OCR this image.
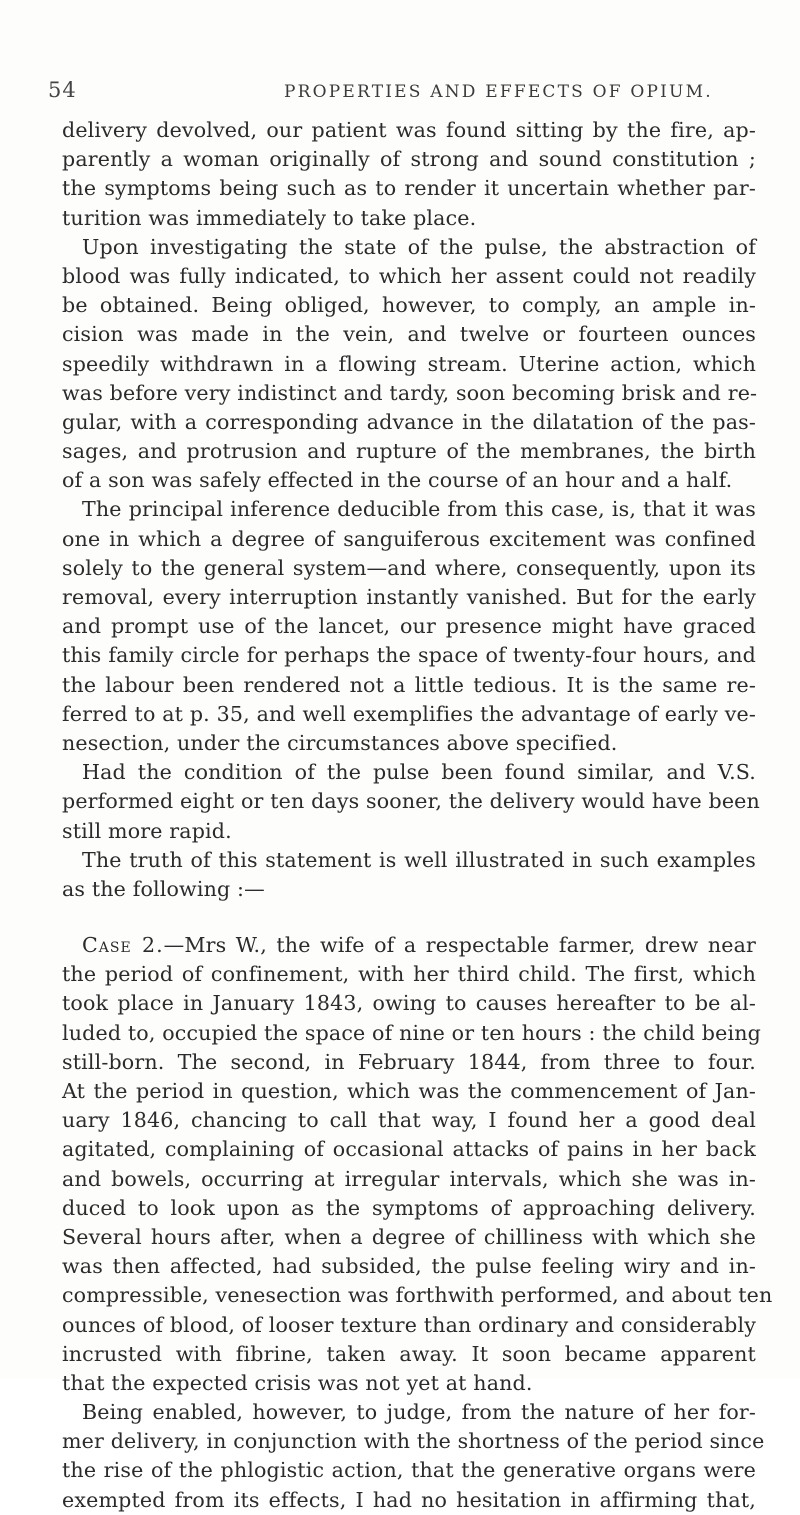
54	PROPERTIES AND EFFECTS OF OPIUM.
delivery devolved, our patient was found sitting by the fire, ap-
parently a woman originally of strong and sound constitution ;
the symptoms being such as to render it uncertain whether par-
turition was immediately to take place.
Upon investigating the state of the pulse, the abstraction of
blood was fully indicated, to which her assent could not readily
be obtained. Being obliged, however, to comply, an ample in-
cision was made in the vein, and twelve or fourteen ounces
speedily withdrawn in a flowing stream. Uterine action, which
was before very indistinct and tardy, soon becoming brisk and re-
gular, with a corresponding advance in the dilatation of the pas-
sages, and protrusion and rupture of the membranes, the birth
of a son was safely effected in the course of an hour and a half.
The principal inference deducible from this case, is, that it was
one in which a degree of sanguiferous excitement was confined
solely to the general system—and where, consequently, upon its
removal, every interruption instantly vanished. But for the early
and prompt use of the lancet, our presence might have graced
this family circle for perhaps the space of twenty-four hours, and
the labour been rendered not a little tedious. It is the same re-
ferred to at p. 35, and well exemplifies the advantage of early ve-
nesection, under the circumstances above specified.
Had the condition of the pulse been found similar, and V.S.
performed eight or ten days sooner, the delivery would have been
still more rapid.
The truth of this statement is well illustrated in such examples
as the following :—
Case 2.—Mrs W., the wife of a respectable farmer, drew near
the period of confinement, with her third child. The first, which
took place in January 1843, owing to causes hereafter to be al-
luded to, occupied the space of nine or ten hours : the child being
still-born. The second, in February 1844, from three to four.
At the period in question, which was the commencement of Jan-
uary 1846, chancing to call that way, I found her a good deal
agitated, complaining of occasional attacks of pains in her back
and bowels, occurring at irregular intervals, which she was in-
duced to look upon as the symptoms of approaching delivery.
Several hours after, when a degree of chilliness with which she
was then affected, had subsided, the pulse feeling wiry and in-
compressible, venesection was forthwith performed, and about ten
ounces of blood, of looser texture than ordinary and considerably
incrusted with fibrine, taken away. It soon became apparent
that the expected crisis was not yet at hand.
Being enabled, however, to judge, from the nature of her for-
mer delivery, in conjunction with the shortness of the period since
the rise of the phlogistic action, that the generative organs were
exempted from its effects, I had no hesitation in affirming that,
